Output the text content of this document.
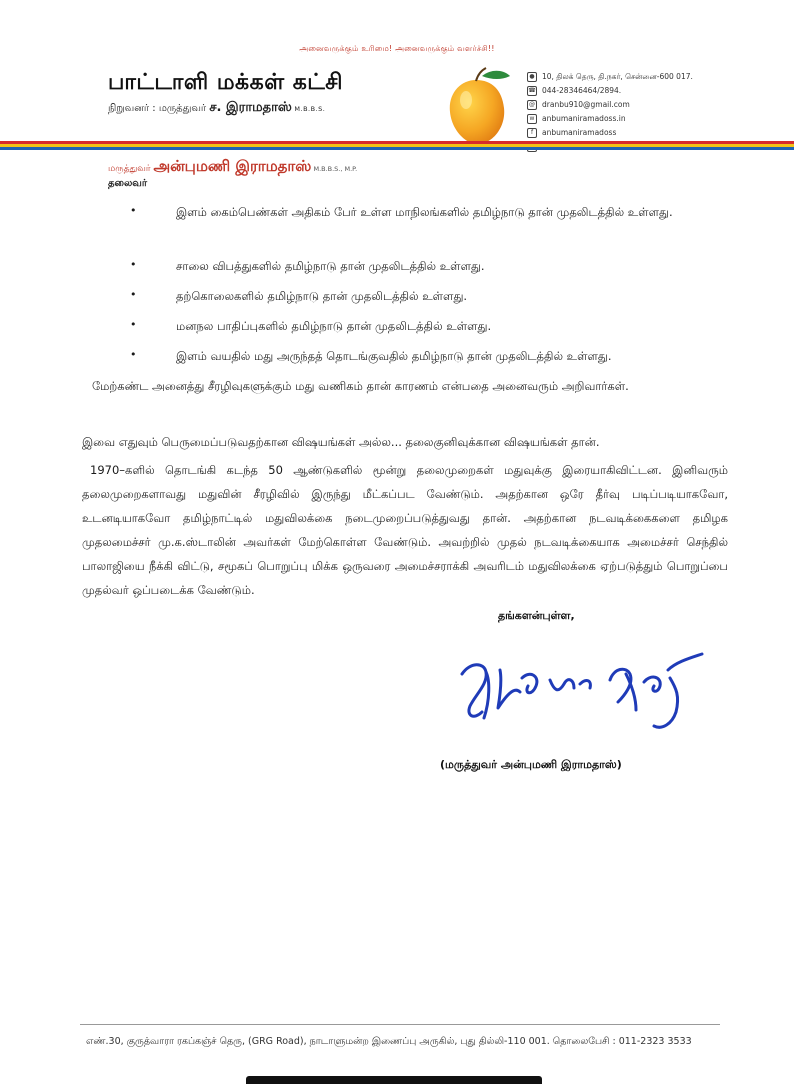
அனைவருக்கும் உரிமை! அனைவருக்கும் வளர்ச்சி!!
பாட்டாளி மக்கள் கட்சி
நிறுவனர் : மருத்துவர் ச. இராமதாஸ் M.B.B.S.
● 10, திலக் தெரு, தி.நகர், சென்னை-600 017.
☎ 044-28346464/2894.
@ dranbu910@gmail.com
w	anbumaniramadoss.in
f	anbumaniramadoss
மருத்துவர் அன்புமணி இராமதாஸ் M.B.B.S., M.P.
தலைவர்
•	இளம் கைம்பெண்கள் அதிகம் பேர் உள்ள மாநிலங்களில் தமிழ்நாடு தான் முதலிடத்தில் உள்ளது.
•	சாலை விபத்துகளில் தமிழ்நாடு தான் முதலிடத்தில் உள்ளது.
•	தற்கொலைகளில் தமிழ்நாடு தான் முதலிடத்தில் உள்ளது.
•	மனநல பாதிப்புகளில் தமிழ்நாடு தான் முதலிடத்தில் உள்ளது.
•	இளம் வயதில் மது அருந்தத் தொடங்குவதில் தமிழ்நாடு தான் முதலிடத்தில் உள்ளது.
மேற்கண்ட அனைத்து சீரழிவுகளுக்கும் மது வணிகம் தான் காரணம் என்பதை அனைவரும் அறிவார்கள்.
இவை எதுவும் பெருமைப்படுவதற்கான விஷயங்கள் அல்ல... தலைகுனிவுக்கான விஷயங்கள் தான்.
1970–களில் தொடங்கி கடந்த 50 ஆண்டுகளில் மூன்று தலைமுறைகள் மதுவுக்கு இரையாகிவிட்டன. இனிவரும் தலைமுறைகளாவது மதுவின் சீரழிவில் இருந்து மீட்கப்பட வேண்டும். அதற்கான ஒரே தீர்வு படிப்படியாகவோ, உடனடியாகவோ தமிழ்நாட்டில் மதுவிலக்கை நடைமுறைப்படுத்துவது தான். அதற்கான நடவடிக்கைகளை தமிழக முதலமைச்சர் மு.க.ஸ்டாலின் அவர்கள் மேற்கொள்ள வேண்டும். அவற்றில் முதல் நடவடிக்கையாக அமைச்சர் செந்தில் பாலாஜியை நீக்கி விட்டு, சமூகப் பொறுப்பு மிக்க ஒருவரை அமைச்சராக்கி அவரிடம் மதுவிலக்கை ஏற்படுத்தும் பொறுப்பை முதல்வர் ஒப்படைக்க வேண்டும்.
தங்களன்புள்ள,
(மருத்துவர் அன்புமணி இராமதாஸ்)
எண்.30, குருத்வாரா ரகப்கஞ்ச் தெரு, (GRG Road), நாடாளுமன்ற இணைப்பு அருகில், புது தில்லி-110 001. தொலைபேசி : 011-2323 3533
